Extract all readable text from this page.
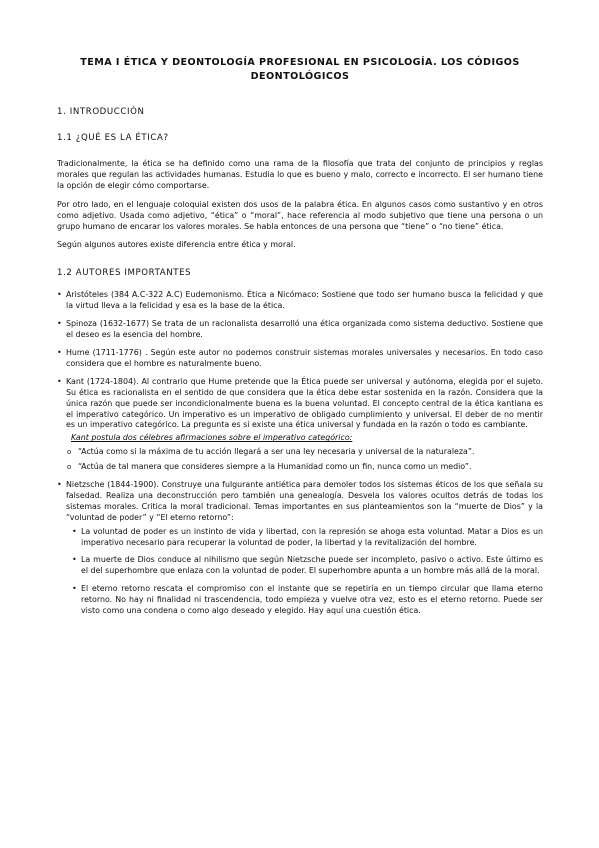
TEMA I ÉTICA Y DEONTOLOGÍA PROFESIONAL EN PSICOLOGÍA. LOS CÓDIGOS DEONTOLÓGICOS
1. INTRODUCCIÓN
1.1 ¿QUÉ ES LA ÉTICA?

Tradicionalmente, la ética se ha definido como una rama de la filosofía que trata del conjunto de principios y reglas morales que regulan las actividades humanas. Estudia lo que es bueno y malo, correcto e incorrecto. El ser humano tiene la opción de elegir cómo comportarse.

Por otro lado, en el lenguaje coloquial existen dos usos de la palabra ética. En algunos casos como sustantivo y en otros como adjetivo. Usada como adjetivo, “ética” o “moral”, hace referencia al modo subjetivo que tiene una persona o un grupo humano de encarar los valores morales. Se habla entonces de una persona que “tiene” o “no tiene” ética.

Según algunos autores existe diferencia entre ética y moral.

1.2 AUTORES IMPORTANTES
• Aristóteles (384 A.C-322 A.C) Eudemonismo. Ética a Nicómaco: Sostiene que todo ser humano busca la felicidad y que la virtud lleva a la felicidad y esa es la base de la ética.
• Spinoza (1632-1677) Se trata de un racionalista desarrolló una ética organizada como sistema deductivo. Sostiene que el deseo es la esencia del hombre.
• Hume (1711-1776) . Según este autor no podemos construir sistemas morales universales y necesarios. En todo caso considera que el hombre es naturalmente bueno.
• Kant (1724-1804). Al contrario que Hume pretende que la Ética puede ser universal y autónoma, elegida por el sujeto. Su ética es racionalista en el sentido de que considera que la ética debe estar sostenida en la razón. Considera que la única razón que puede ser incondicionalmente buena es la buena voluntad. El concepto central de la ética kantiana es el imperativo categórico. Un imperativo es un imperativo de obligado cumplimiento y universal. El deber de no mentir es un imperativo categórico. La pregunta es si existe una ética universal y fundada en la razón o todo es cambiante.
Kant postula dos célebres afirmaciones sobre el imperativo categórico:
o “Actúa como si la máxima de tu acción llegará a ser una ley necesaria y universal de la naturaleza”.
o “Actúa de tal manera que consideres siempre a la Humanidad como un fin, nunca como un medio”.
• Nietzsche (1844-1900). Construye una fulgurante antiética para demoler todos los sistemas éticos de los que señala su falsedad. Realiza una deconstrucción pero también una genealogía. Desvela los valores ocultos detrás de todas los sistemas morales. Critica la moral tradicional. Temas importantes en sus planteamientos son la “muerte de Dios” y la “voluntad de poder” y “El eterno retorno”:
• La voluntad de poder es un instinto de vida y libertad, con la represión se ahoga esta voluntad. Matar a Dios es un imperativo necesario para recuperar la voluntad de poder, la libertad y la revitalización del hombre.
• La muerte de Dios conduce al nihilismo que según Nietzsche puede ser incompleto, pasivo o activo. Este último es el del superhombre que enlaza con la voluntad de poder. El superhombre apunta a un hombre más allá de la moral.
• El eterno retorno rescata el compromiso con el instante que se repetiría en un tiempo circular que llama eterno retorno. No hay ni finalidad ni trascendencia, todo empieza y vuelve otra vez, esto es el eterno retorno. Puede ser visto como una condena o como algo deseado y elegido. Hay aquí una cuestión ética.
